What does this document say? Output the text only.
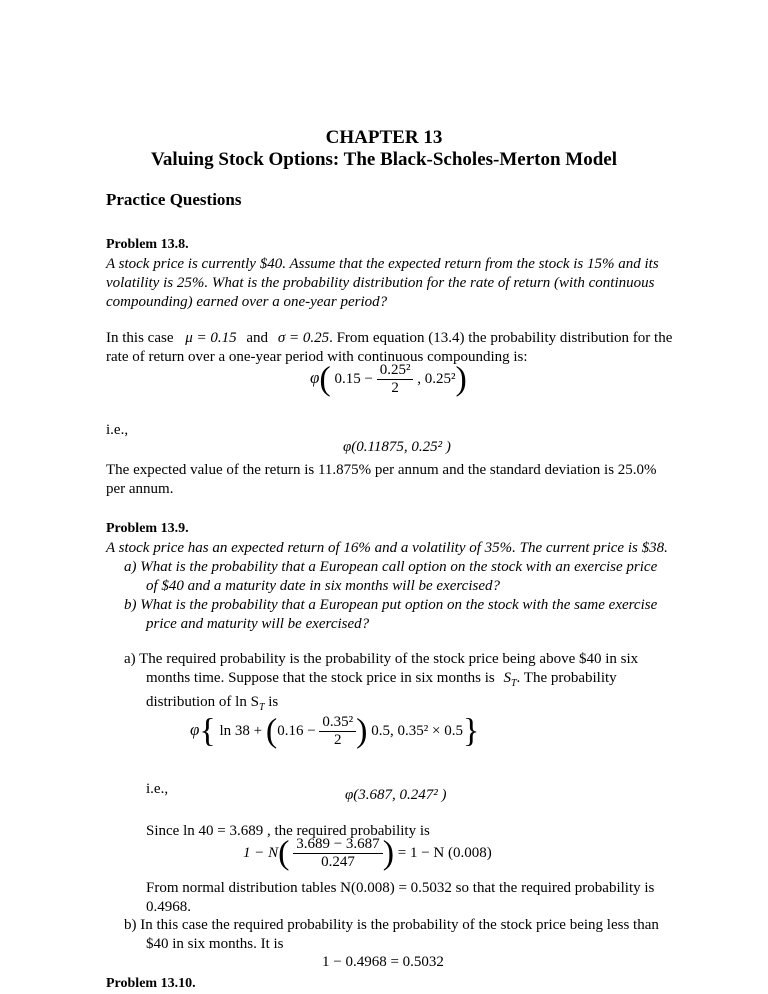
CHAPTER 13
Valuing Stock Options: The Black-Scholes-Merton Model
Practice Questions
Problem 13.8.
A stock price is currently $40. Assume that the expected return from the stock is 15% and its
volatility is 25%. What is the probability distribution for the rate of return (with continuous
compounding) earned over a one-year period?
In this case μ = 0.15 and σ = 0.25. From equation (13.4) the probability distribution for the
rate of return over a one-year period with continuous compounding is:
φ( $0.15 - \frac{\text{0.25²}}{2}$ , 0.25²)
i.e.,
φ(0.11875, 0.25² )
The expected value of the return is 11.875% per annum and the standard deviation is 25.0%
per annum.
Problem 13.9.
A stock price has an expected return of 16% and a volatility of 35%. The current price is $38.
a) What is the probability that a European call option on the stock with an exercise price
of $40 and a maturity date in six months will be exercised?
b) What is the probability that a European put option on the stock with the same exercise
price and maturity will be exercised?
a) The required probability is the probability of the stock price being above $40 in six
months time. Suppose that the stock price in six months is $S_T$. The probability
distribution of $\ln S_T$ is
φ{ $\ln 38 + (0.16 - \frac{\text{0.35²}}{2}$ ) 0.5, 0.35² × 0.5}
i.e.,	φ(3.687, 0.247² )
Since ln 40 = 3.689 , the required probability is
$1 - N( \frac{3.689 - 3.687}{0.247}$ ) = 1 − N (0.008)
From normal distribution tables N(0.008) = 0.5032 so that the required probability is
0.4968.
b) In this case the required probability is the probability of the stock price being less than
$40 in six months. It is
1 − 0.4968 = 0.5032
Problem 13.10.
